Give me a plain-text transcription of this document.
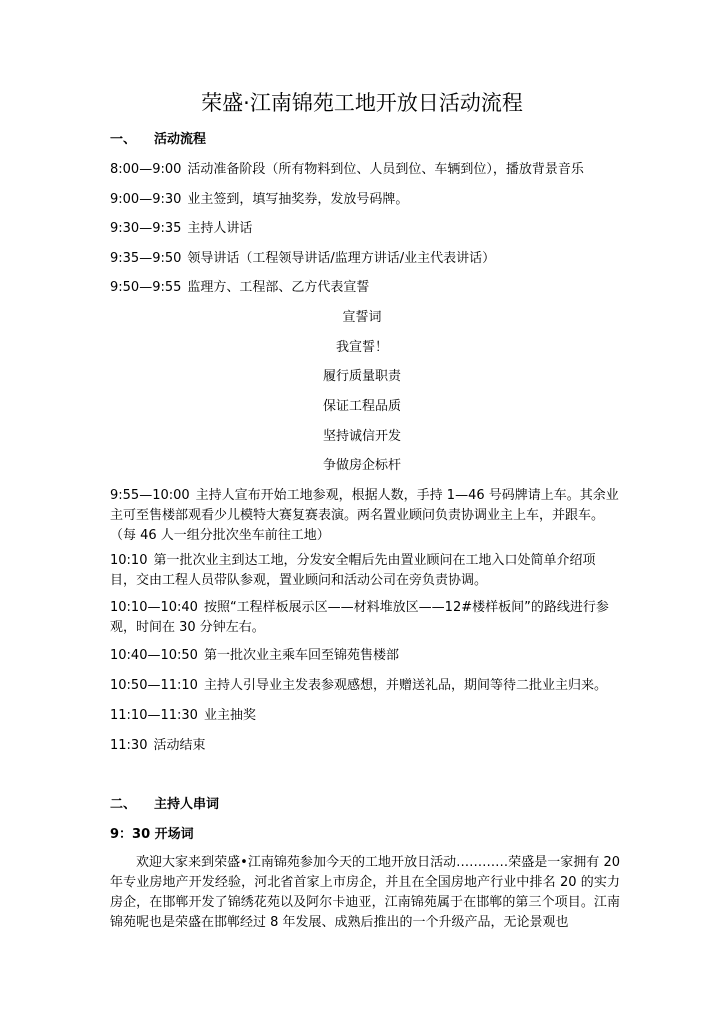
荣盛·江南锦苑工地开放日活动流程
一、 活动流程
8:00—9:00 活动准备阶段（所有物料到位、人员到位、车辆到位），播放背景音乐
9:00—9:30 业主签到，填写抽奖券，发放号码牌。
9:30—9:35 主持人讲话
9:35—9:50 领导讲话（工程领导讲话/监理方讲话/业主代表讲话）
9:50—9:55 监理方、工程部、乙方代表宣誓
宣誓词
我宣誓！
履行质量职责
保证工程品质
坚持诚信开发
争做房企标杆
9:55—10:00 主持人宣布开始工地参观，根据人数，手持 1—46 号码牌请上车。其余业主可至售楼部观看少儿模特大赛复赛表演。两名置业顾问负责协调业主上车，并跟车。（每 46 人一组分批次坐车前往工地）
10:10 第一批次业主到达工地，分发安全帽后先由置业顾问在工地入口处简单介绍项目，交由工程人员带队参观，置业顾问和活动公司在旁负责协调。
10:10—10:40 按照“工程样板展示区——材料堆放区——12#楼样板间”的路线进行参观，时间在 30 分钟左右。
10:40—10:50 第一批次业主乘车回至锦苑售楼部
10:50—11:10 主持人引导业主发表参观感想，并赠送礼品，期间等待二批业主归来。
11:10—11:30 业主抽奖
11:30 活动结束
二、 主持人串词
9：30 开场词
欢迎大家来到荣盛•江南锦苑参加今天的工地开放日活动…………荣盛是一家拥有 20 年专业房地产开发经验，河北省首家上市房企，并且在全国房地产行业中排名 20 的实力房企，在邯郸开发了锦绣花苑以及阿尔卡迪亚，江南锦苑属于在邯郸的第三个项目。江南锦苑呢也是荣盛在邯郸经过 8 年发展、成熟后推出的一个升级产品，无论景观也
